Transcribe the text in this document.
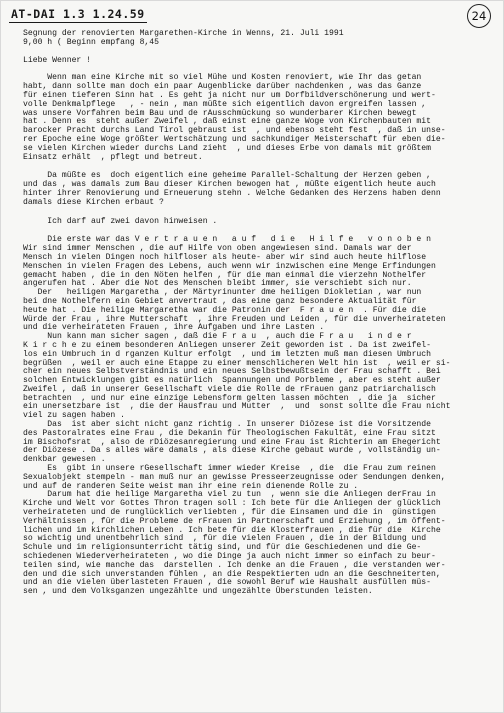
AT-DAI 1.3 1.24.59	24

Segnung der renovierten Margarethen-Kirche in Wenns, 21. Juli 1991

9,00 h ( Beginn empfang 8,45

Liebe Wenner !

Wenn man eine Kirche mit so viel Mühe und Kosten renoviert, wie Ihr das getan

habt, dann sollte man doch ein paar Augenblicke darüber nachdenken , was das Ganze

für einen tieferen Sinn hat . Es geht ja nicht nur um Dorfbildverschönerung und wert-

volle Denkmalpflege   , - nein , man müßte sich eigentlich davon ergreifen lassen ,

was unsere Vorfahren beim Bau und de rAusschmückung so wunderbarer Kirchen bewegt

hat . Denn es  steht außer Zweifel , daß einst eine ganze Woge von Kirchenbauten mit

barocker Pracht durchs Land Tirol gebraust ist  , und ebenso steht fest  , daß in unse-

rer Epoche eine Woge größter Wertschätzung und sachkundiger Meisterschaft für eben die-

se vielen Kirchen wieder durchs Land zieht  , und dieses Erbe von damals mit größtem

Einsatz erhält  , pflegt und betreut.

Da müßte es  doch eigentlich eine geheime Parallel-Schaltung der Herzen geben ,

und das , was damals zum Bau dieser Kirchen bewogen hat , müßte eigentlich heute auch

hinter ihrer Renovierung und Erneuerung stehn . Welche Gedanken des Herzens haben denn

damals diese Kirchen erbaut ?

Ich darf auf zwei davon hinweisen .

Die erste war das V e r t r a u e n   a u f   d i e   H i l f e   v o n o b e n

Wir sind immer Menschen , die auf Hilfe von oben angewiesen sind. Damals war der

Mensch in vielen Dingen noch hilfloser als heute- aber wir sind auch heute hilflose

Menschen in vielen Fragen des Lebens, auch wenn wir inzwischen eine Menge Erfindungen

gemacht haben , die in den Nöten helfen , für die man einmal die vierzehn Nothelfer

angerufen hat . Aber die Not des Menschen bleibt immer, sie verschiebt sich nur.

Der   heiligen Margaretha , der Märtyrinunter dme heiligen Diokletian , war nun

bei dne Nothelfern ein Gebiet anvertraut , das eine ganz besondere Aktualität für

heute hat . Die heilige Margaretha war die Patronin der  F r a u e n  . Für die die

Würde der Frau , ihre Mutterschaft  , ihre Freuden und Leiden , für die unverheirateten

und die verheirateten Frauen , ihre Aufgaben und ihre Lasten .

Nun kann man sicher sagen , daß die F r a u  , auch die F r a u   i n d e r

K i r c h e zu einem besonderen Anliegen unserer Zeit geworden ist . Da ist zweifel-

los ein Umbruch in d rganzen Kultur erfolgt  , und im letzten muß man diesen Umbruch

begrüßen  , weil er auch eine Etappe zu einer menschlicheren Welt hin ist  , weil er si-

cher ein neues Selbstverständnis und ein neues Selbstbewußtsein der Frau schafft . Bei

solchen Entwicklungen gibt es natürlich  Spannungen und Porbleme , aber es steht außer

Zweifel , daß in unserer Gesellschaft viele die Rolle de rFrauen ganz patriarchalisch

betrachten  , und nur eine einzige Lebensform gelten lassen möchten  , die ja  sicher

ein unersetzbare ist  , die der Hausfrau und Mutter  ,  und  sonst sollte die Frau nicht

viel zu sagen haben .

Das  ist aber sicht nicht ganz richtig . In unserer Diözese ist die Vorsitzende

des Pastoralrates eine Frau , die Dekanin für Theologischen Fakultät, eine Frau sitzt

im Bischofsrat  , also de rDiözesanregierung und eine Frau ist Richterin am Ehegericht

der Diözese . Da s alles wäre damals , als diese Kirche gebaut wurde , vollständig un-

denkbar gewesen .

Es  gibt in unsere rGesellschaft immer wieder Kreise  , die  die Frau zum reinen

Sexualobjekt stempeln - man muß nur an gewisse Presseerzeugnisse oder Sendungen denken,

und auf de randeren Seite weist man ihr eine rein dienende Rolle zu .

Darum hat die heilige Margaretha viel zu tun  , wenn sie die Anliegen derFrau in

Kirche und Welt vor Gottes Thron tragen soll : Ich bete für die Anliegen der glücklich

verheirateten und de runglücklich verliebten , für die Einsamen und die in  günstigen

Verhältnissen , für die Probleme de rFrauen in Partnerschaft und Erziehung , im öffent-

lichen und im kirchlichen Leben . Ich bete für die Klosterfrauen , die für die  Kirche

so wichtig und unentbehrlich sind  , für die vielen Frauen , die in der Bildung und

Schule und im religionsunterricht tätig sind, und für die Geschiedenen und die Ge-

schiedenen Wiederverheirateten , wo die Dinge ja auch nicht immer so einfach zu beur-

teilen sind, wie manche das  darstellen . Ich denke an die Frauen , die verstanden wer-

den und die sich unverstanden fühlen , an die Respektierten udn an die Geschneiterten,

und an die vielen überlasteten Frauen , die sowohl Beruf wie Haushalt ausfüllen müs-

sen , und dem Volksganzen ungezählte und ungezählte Überstunden leisten.
